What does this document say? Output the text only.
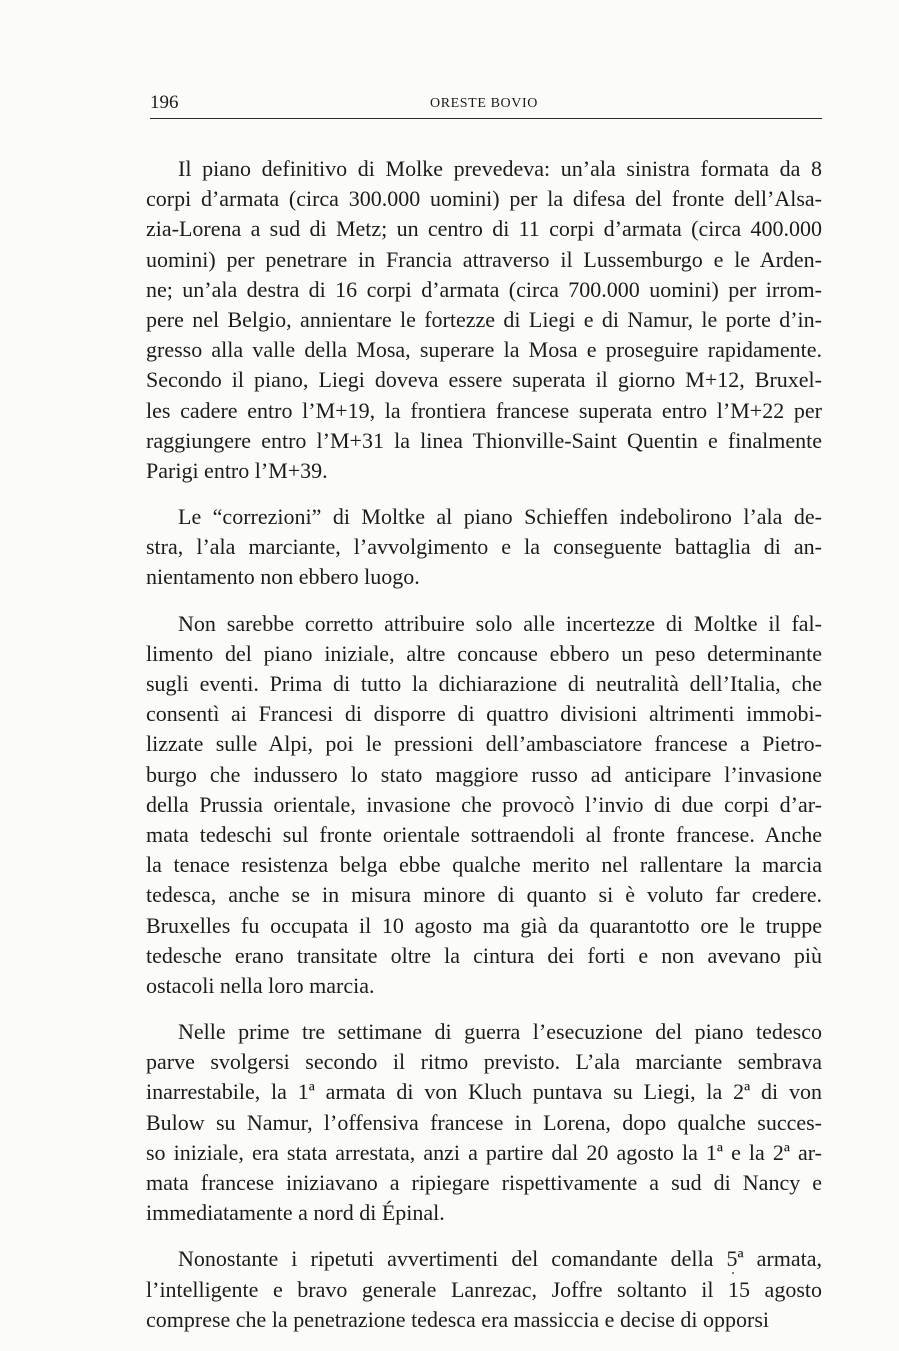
196	ORESTE BOVIO
Il piano definitivo di Molke prevedeva: un’ala sinistra formata da 8
corpi d’armata (circa 300.000 uomini) per la difesa del fronte dell’Alsa-
zia-Lorena a sud di Metz; un centro di 11 corpi d’armata (circa 400.000
uomini) per penetrare in Francia attraverso il Lussemburgo e le Arden-
ne; un’ala destra di 16 corpi d’armata (circa 700.000 uomini) per irrom-
pere nel Belgio, annientare le fortezze di Liegi e di Namur, le porte d’in-
gresso alla valle della Mosa, superare la Mosa e proseguire rapidamente.
Secondo il piano, Liegi doveva essere superata il giorno M+12, Bruxel-
les cadere entro l’M+19, la frontiera francese superata entro l’M+22 per
raggiungere entro l’M+31 la linea Thionville-Saint Quentin e finalmente
Parigi entro l’M+39.
Le “correzioni” di Moltke al piano Schieffen indebolirono l’ala de-
stra, l’ala marciante, l’avvolgimento e la conseguente battaglia di an-
nientamento non ebbero luogo.
Non sarebbe corretto attribuire solo alle incertezze di Moltke il fal-
limento del piano iniziale, altre concause ebbero un peso determinante
sugli eventi. Prima di tutto la dichiarazione di neutralità dell’Italia, che
consentì ai Francesi di disporre di quattro divisioni altrimenti immobi-
lizzate sulle Alpi, poi le pressioni dell’ambasciatore francese a Pietro-
burgo che indussero lo stato maggiore russo ad anticipare l’invasione
della Prussia orientale, invasione che provocò l’invio di due corpi d’ar-
mata tedeschi sul fronte orientale sottraendoli al fronte francese. Anche
la tenace resistenza belga ebbe qualche merito nel rallentare la marcia
tedesca, anche se in misura minore di quanto si è voluto far credere.
Bruxelles fu occupata il 10 agosto ma già da quarantotto ore le truppe
tedesche erano transitate oltre la cintura dei forti e non avevano più
ostacoli nella loro marcia.
Nelle prime tre settimane di guerra l’esecuzione del piano tedesco
parve svolgersi secondo il ritmo previsto. L’ala marciante sembrava
inarrestabile, la 1ª armata di von Kluch puntava su Liegi, la 2ª di von
Bulow su Namur, l’offensiva francese in Lorena, dopo qualche succes-
so iniziale, era stata arrestata, anzi a partire dal 20 agosto la 1ª e la 2ª ar-
mata francese iniziavano a ripiegare rispettivamente a sud di Nancy e
immediatamente a nord di Épinal.
Nonostante i ripetuti avvertimenti del comandante della 5ª armata,
l’intelligente e bravo generale Lanrezac, Joffre soltanto il 15 agosto
comprese che la penetrazione tedesca era massiccia e decise di opporsi
